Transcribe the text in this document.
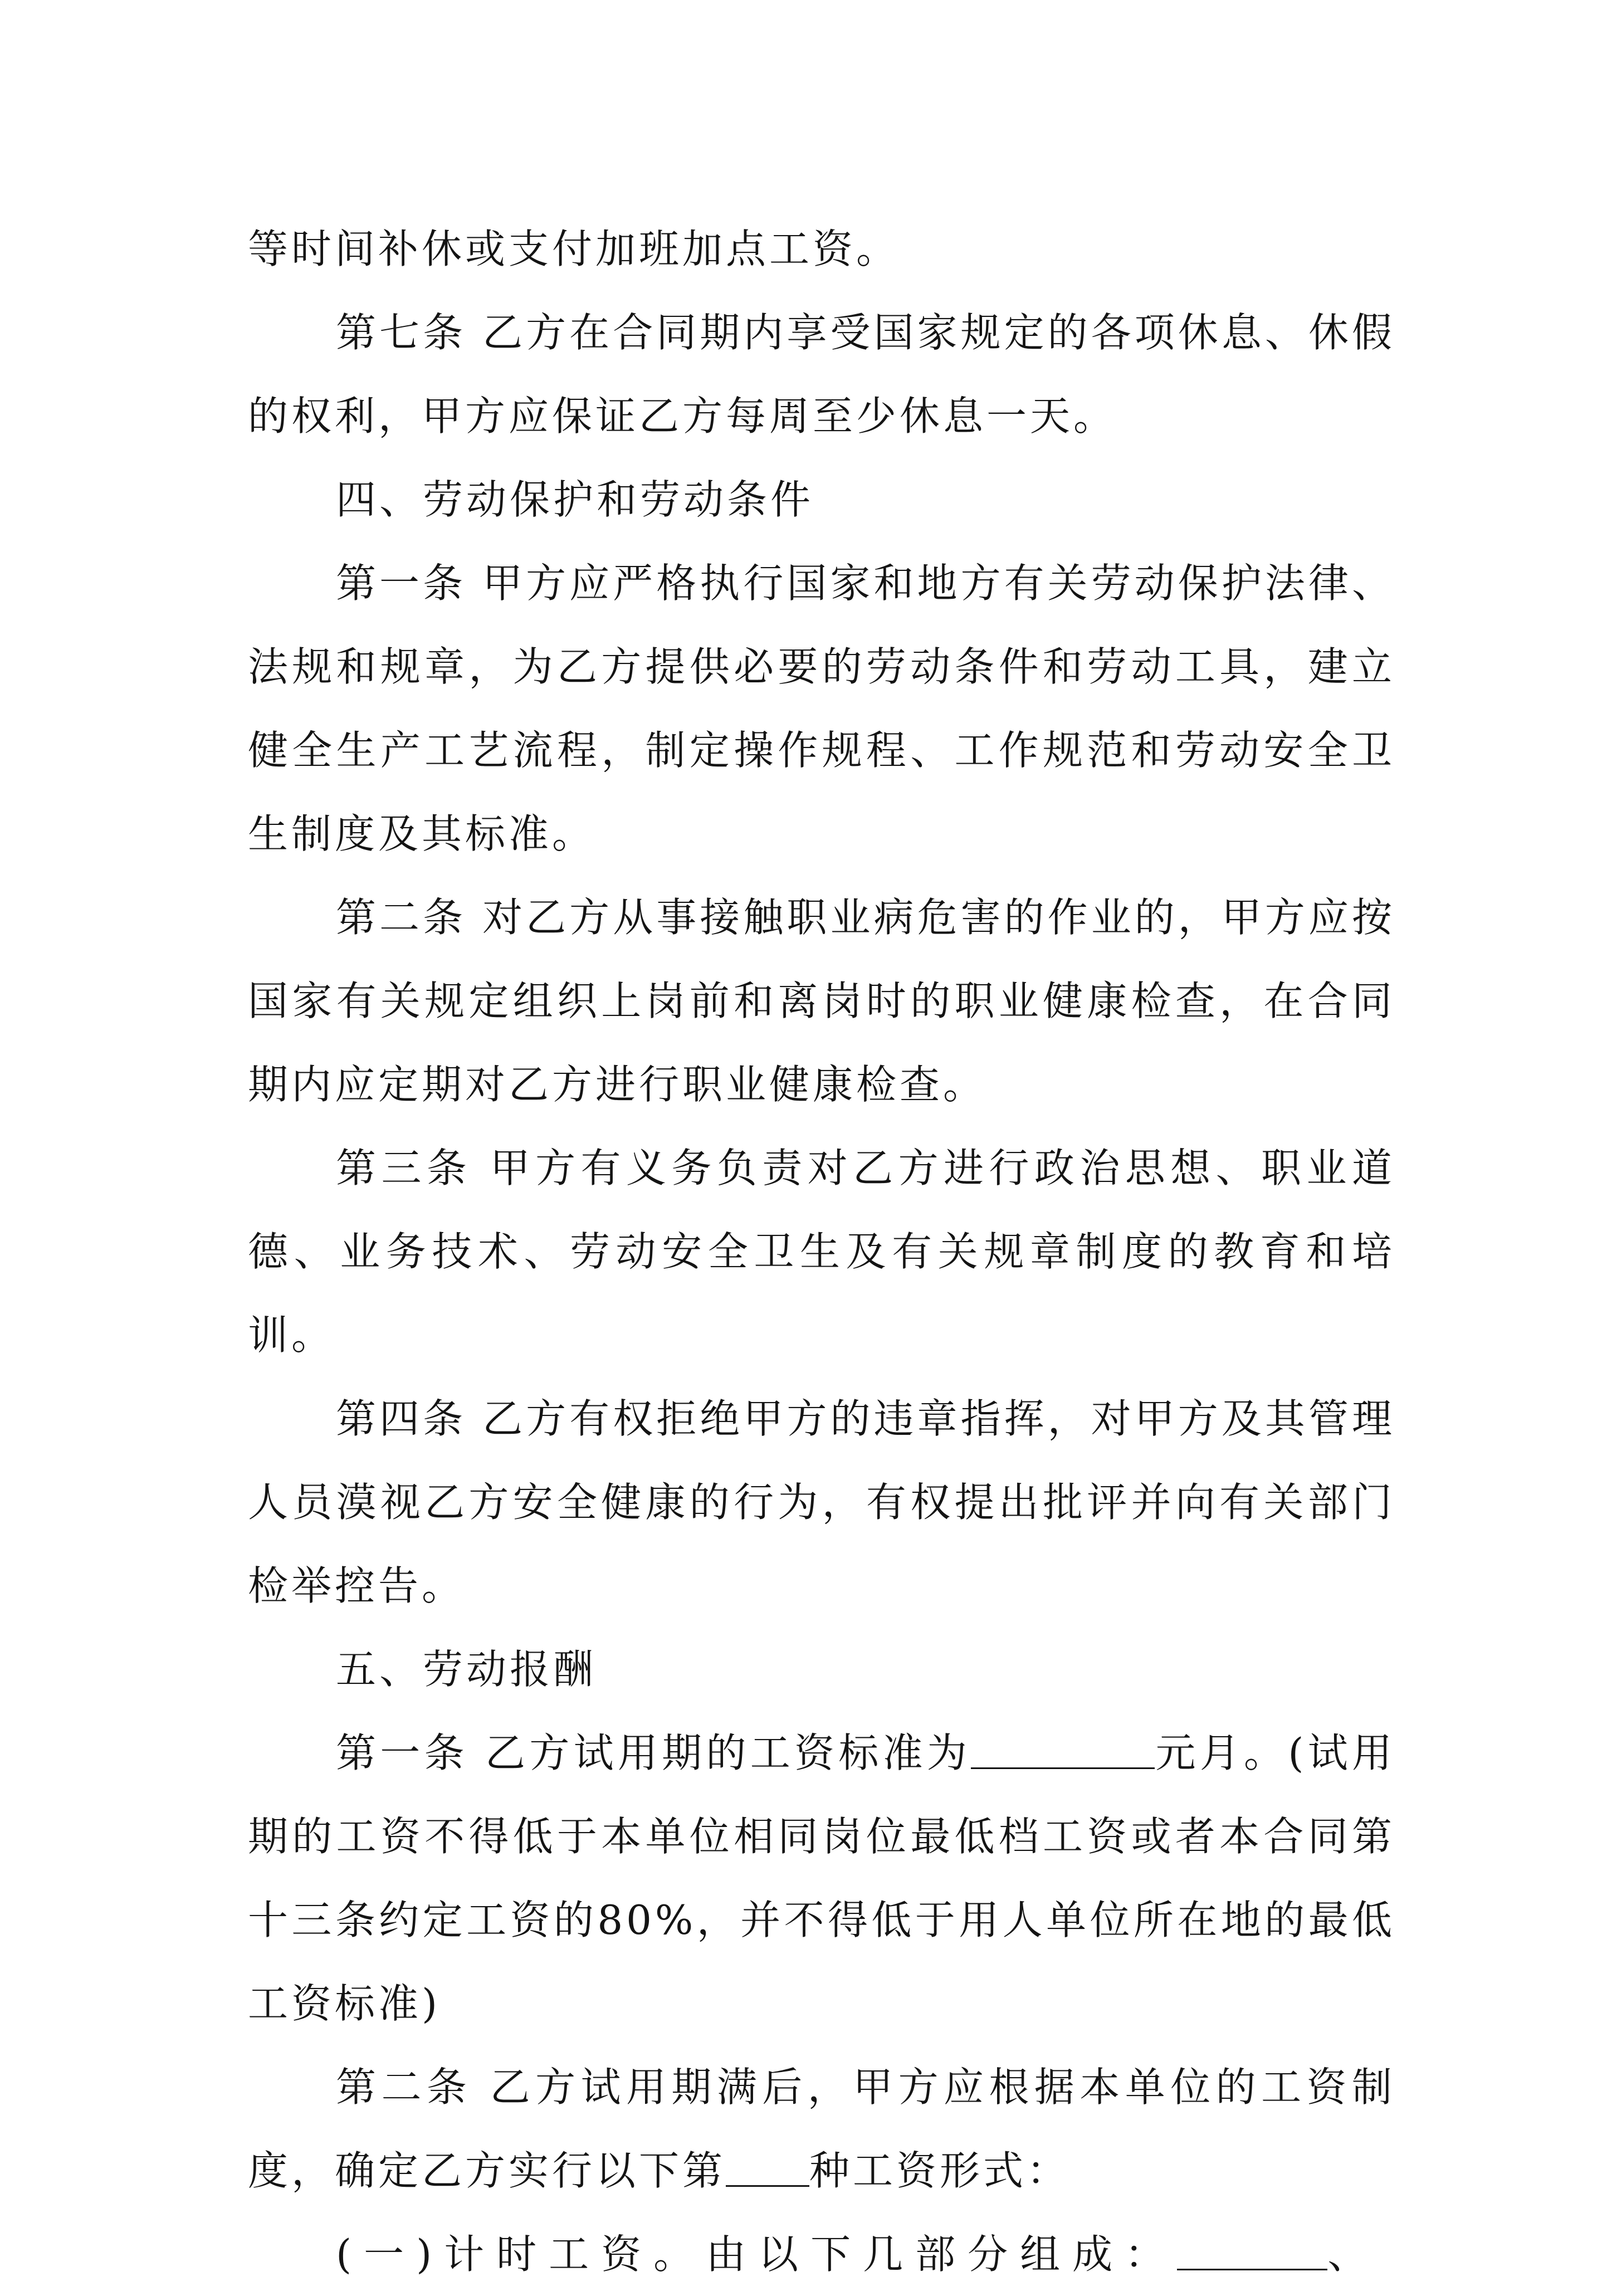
等时间补休或支付加班加点工资。

第七条 乙方在合同期内享受国家规定的各项休息、休假的权利，甲方应保证乙方每周至少休息一天。

四、劳动保护和劳动条件

第一条 甲方应严格执行国家和地方有关劳动保护法律、法规和规章，为乙方提供必要的劳动条件和劳动工具，建立健全生产工艺流程，制定操作规程、工作规范和劳动安全卫生制度及其标准。

第二条 对乙方从事接触职业病危害的作业的，甲方应按国家有关规定组织上岗前和离岗时的职业健康检查，在合同期内应定期对乙方进行职业健康检查。

第三条 甲方有义务负责对乙方进行政治思想、职业道德、业务技术、劳动安全卫生及有关规章制度的教育和培训。

第四条 乙方有权拒绝甲方的违章指挥，对甲方及其管理人员漠视乙方安全健康的行为，有权提出批评并向有关部门检举控告。

五、劳动报酬

第一条 乙方试用期的工资标准为	元月。(试用期的工资不得低于本单位相同岗位最低档工资或者本合同第十三条约定工资的80%，并不得低于用人单位所在地的最低工资标准)

第二条 乙方试用期满后，甲方应根据本单位的工资制度，确定乙方实行以下第 种工资形式：

(一)计时工资。由以下几部分组成：	、
